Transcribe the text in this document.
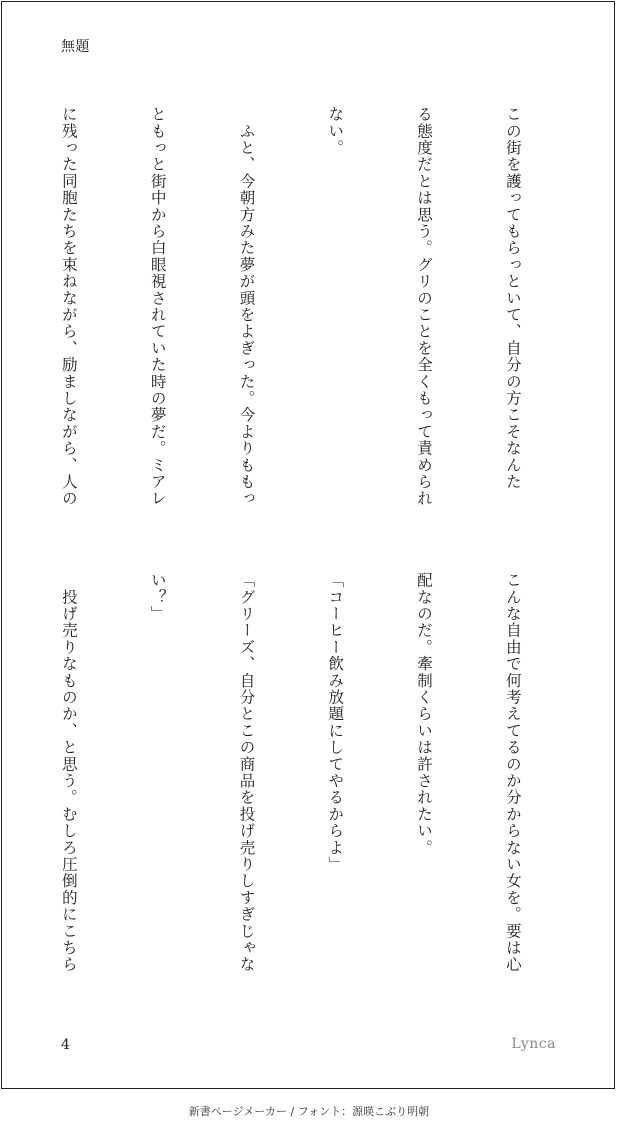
無題

この街を護ってもらっといて、自分の方こそなんた

る態度だとは思う。グリのことを全くもって責められ

ない。

　ふと、今朝方みた夢が頭をよぎった。今よりももっ

ともっと街中から白眼視されていた時の夢だ。ミアレ

に残った同胞たちを束ねながら、励ましながら、人の

こんな自由で何考えてるのか分からない女を。要は心

配なのだ。牽制くらいは許されたい。

「コーヒー飲み放題にしてやるからよ」

「グリーズ、自分とこの商品を投げ売りしすぎじゃな

い？」

　投げ売りなものか、と思う。むしろ圧倒的にこちら

4	Lynca
新書ページメーカー / フォント：源暎こぶり明朝
